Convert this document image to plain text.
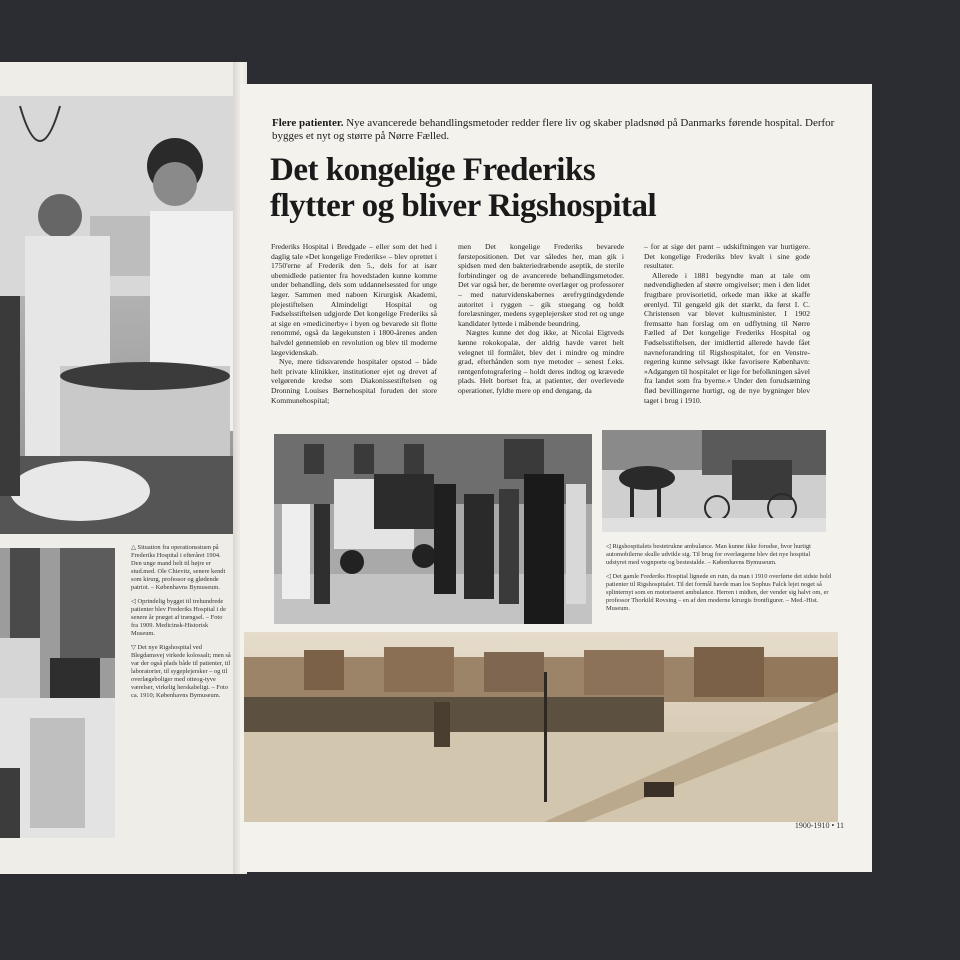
△ Situation fra operationsstuen på Frederiks Hospital i efteråret 1904. Den unge mand helt til højre er stud.med. Ole Chievitz, senere kendt som kirurg, professor og glødende patriot. – Københavns Bymuseum.

◁ Oprindelig bygget til trehundrede patienter blev Frederiks Hospital i de senere år præget af trængsel. – Foto fra 1909. Medicinsk-Historisk Museum.

▽ Det nye Rigshospital ved Blegdamsvej virkede kolossalt; men så var der også plads både til patienter, til laboratorier, til sygeplejersker – og til overlægeboliger med otteog-tyve værelser, virkelig herskabeligt. – Foto ca. 1910; Københavns Bymuseum.

Flere patienter. Nye avancerede behandlingsmetoder redder flere liv og skaber pladsnød på Danmarks førende hospital. Derfor bygges et nyt og større på Nørre Fælled.
Det kongelige Frederiks
flytter og bliver Rigshospital

Frederiks Hospital i Bredgade – eller som det hed i daglig tale »Det kongelige Frederiks« – blev oprettet i 1750'erne af Frederik den 5., dels for at især ubemidlede patienter fra hovedstaden kunne komme under behandling, dels som uddannelsessted for unge læger. Sammen med naboen Kirurgisk Akademi, plejestiftelsen Almindeligt Hospital og Fødselsstiftelsen udgjorde Det kongelige Frederiks så at sige en »medicinerby« i byen og bevarede sit flotte renommé, også da lægekunsten i 1800-årenes anden halvdel gennemløb en revolution og blev til moderne lægevidenskab.

Nye, mere tidssvarende hospitaler opstod – både helt private klinikker, institutioner ejet og drevet af velgørende kredse som Diakonissestiftelsen og Dronning Louises Børnehospital foruden det store Kommunehospital;

men Det kongelige Frederiks bevarede førstepositionen. Det var således her, man gik i spidsen med den bakteriedræbende aseptik, de sterile forbindinger og de avancerede behandlingsmetoder. Det var også her, de berømte overlæger og professorer – med naturvidenskabernes ærefrygtindgydende autoritet i ryggen – gik stuegang og holdt forelæsninger, medens sygeplejersker stod ret og unge kandidater lyttede i måbende beundring.

Nægtes kunne det dog ikke, at Nicolai Eigtveds kønne rokokopalæ, der aldrig havde været helt velegnet til formålet, blev det i mindre og mindre grad, efterhånden som nye metoder – senest f.eks. røntgenfotografering – holdt deres indtog og krævede plads. Helt bortset fra, at patienter, der overlevede operationer, fyldte mere op end dengang, da

– for at sige det pænt – udskiftningen var hurtigere. Det kongelige Frederiks blev kvalt i sine gode resultater.

Allerede i 1881 begyndte man at tale om nødvendigheden af større omgivelser; men i den lidet frugtbare provisorietid, orkede man ikke at skaffe ørenlyd. Til gengæld gik det stærkt, da først I. C. Christensen var blevet kultusminister. I 1902 fremsatte han forslag om en udflytning til Nørre Fælled af Det kongelige Frederiks Hospital og Fødselsstiftelsen, der imidlertid allerede havde fået navneforandring til Rigshospitalet, for en Venstre-regering kunne selvsagt ikke favorisere København: »Adgangen til hospitalet er lige for befolkningen såvel fra landet som fra byerne.« Under den forudsætning flød bevillingerne hurtigt, og de nye bygninger blev taget i brug i 1910.

◁ Rigshospitalets bestetrukne ambulance. Man kunne ikke forudse, hvor hurtigt automobilerne skulle udvikle sig. Til brug for overlægerne blev det nye hospital udstyret med vognporte og bestestalde. – Københavns Bymuseum.

◁ Det gamle Frederiks Hospital lignede en ruin, da man i 1910 overførte det sidste hold patienter til Rigshospitalet. Til det formål havde man los Sophus Falck lejet noget så splinternyt som en motoriseret ambulance. Herren i midten, der vender sig halvt om, er professor Thorkild Rovsing – en af den moderne kirurgis frontfigurer. – Med.-Hist. Museum.

1900-1910 • 11
